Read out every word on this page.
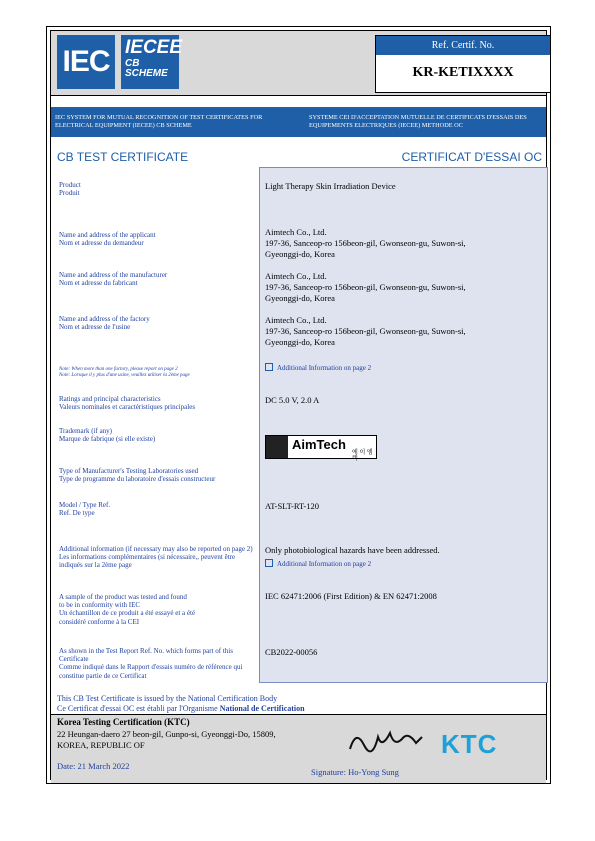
IEC IECEE
CB
SCHEME
Ref. Certif. No.
KR-KETIXXXX
IEC SYSTEM FOR MUTUAL RECOGNITION OF TEST CERTIFICATES FOR ELECTRICAL EQUIPMENT (IECEE) CB SCHEME
SYSTEME CEI D'ACCEPTATION MUTUELLE DE CERTIFICATS D'ESSAIS DES EQUIPEMENTS ELECTRIQUES (IECEE) METHODE OC
CB TEST CERTIFICATE	CERTIFICAT D'ESSAI OC
Product
Produit
Light Therapy Skin Irradiation Device
Name and address of the applicant
Nom et adresse du demandeur
Aimtech Co., Ltd.
197-36, Sanceop-ro 156beon-gil, Gwonseon-gu, Suwon-si,
Gyeonggi-do, Korea
Name and address of the manufacturer
Nom et adresse du fabricant
Aimtech Co., Ltd.
197-36, Sanceop-ro 156beon-gil, Gwonseon-gu, Suwon-si,
Gyeonggi-do, Korea
Name and address of the factory
Nom et adresse de l'usine
Aimtech Co., Ltd.
197-36, Sanceop-ro 156beon-gil, Gwonseon-gu, Suwon-si,
Gyeonggi-do, Korea
Note: When more than one factory, please report on page 2
Note: Lorsque il y plus d'une usine, veuillez utiliser la 2ème page
Additional Information on page 2
Ratings and principal characteristics
Valeurs nominales et caractéristiques principales
DC 5.0 V, 2.0 A
Trademark (if any)
Marque de fabrique (si elle existe)	AimTech
에 이 엠 텍
Type of Manufacturer's Testing Laboratories used
Type de programme du laboratoire d'essais constructeur
Model / Type Ref.
Ref. De type
AT-SLT-RT-120
Additional information (if necessary may also be reported on page 2)
Les informations complémentaires (si nécessaire,, peuvent être indiqués sur la 2ème page
Only photobiological hazards have been addressed.
Additional Information on page 2
A sample of the product was tested and found
to be in conformity with IEC
Un échantillon de ce produit a été essayé et a été
considéré conforme à la CEI
IEC 62471:2006 (First Edition) & EN 62471:2008
As shown in the Test Report Ref. No. which forms part of this Certificate
Comme indiqué dans le Rapport d'essais numéro de référence qui constitue partie de ce Certificat
CB2022-00056
This CB Test Certificate is issued by the National Certification Body
Ce Certificat d'essai OC est établi par l'Organisme National de Certification
Korea Testing Certification (KTC)
22 Heungan-daero 27 beon-gil, Gunpo-si, Gyeonggi-Do, 15809,
KOREA, REPUBLIC OF
Date: 21 March 2022
Signature: Ho-Yong Sung
KTC
